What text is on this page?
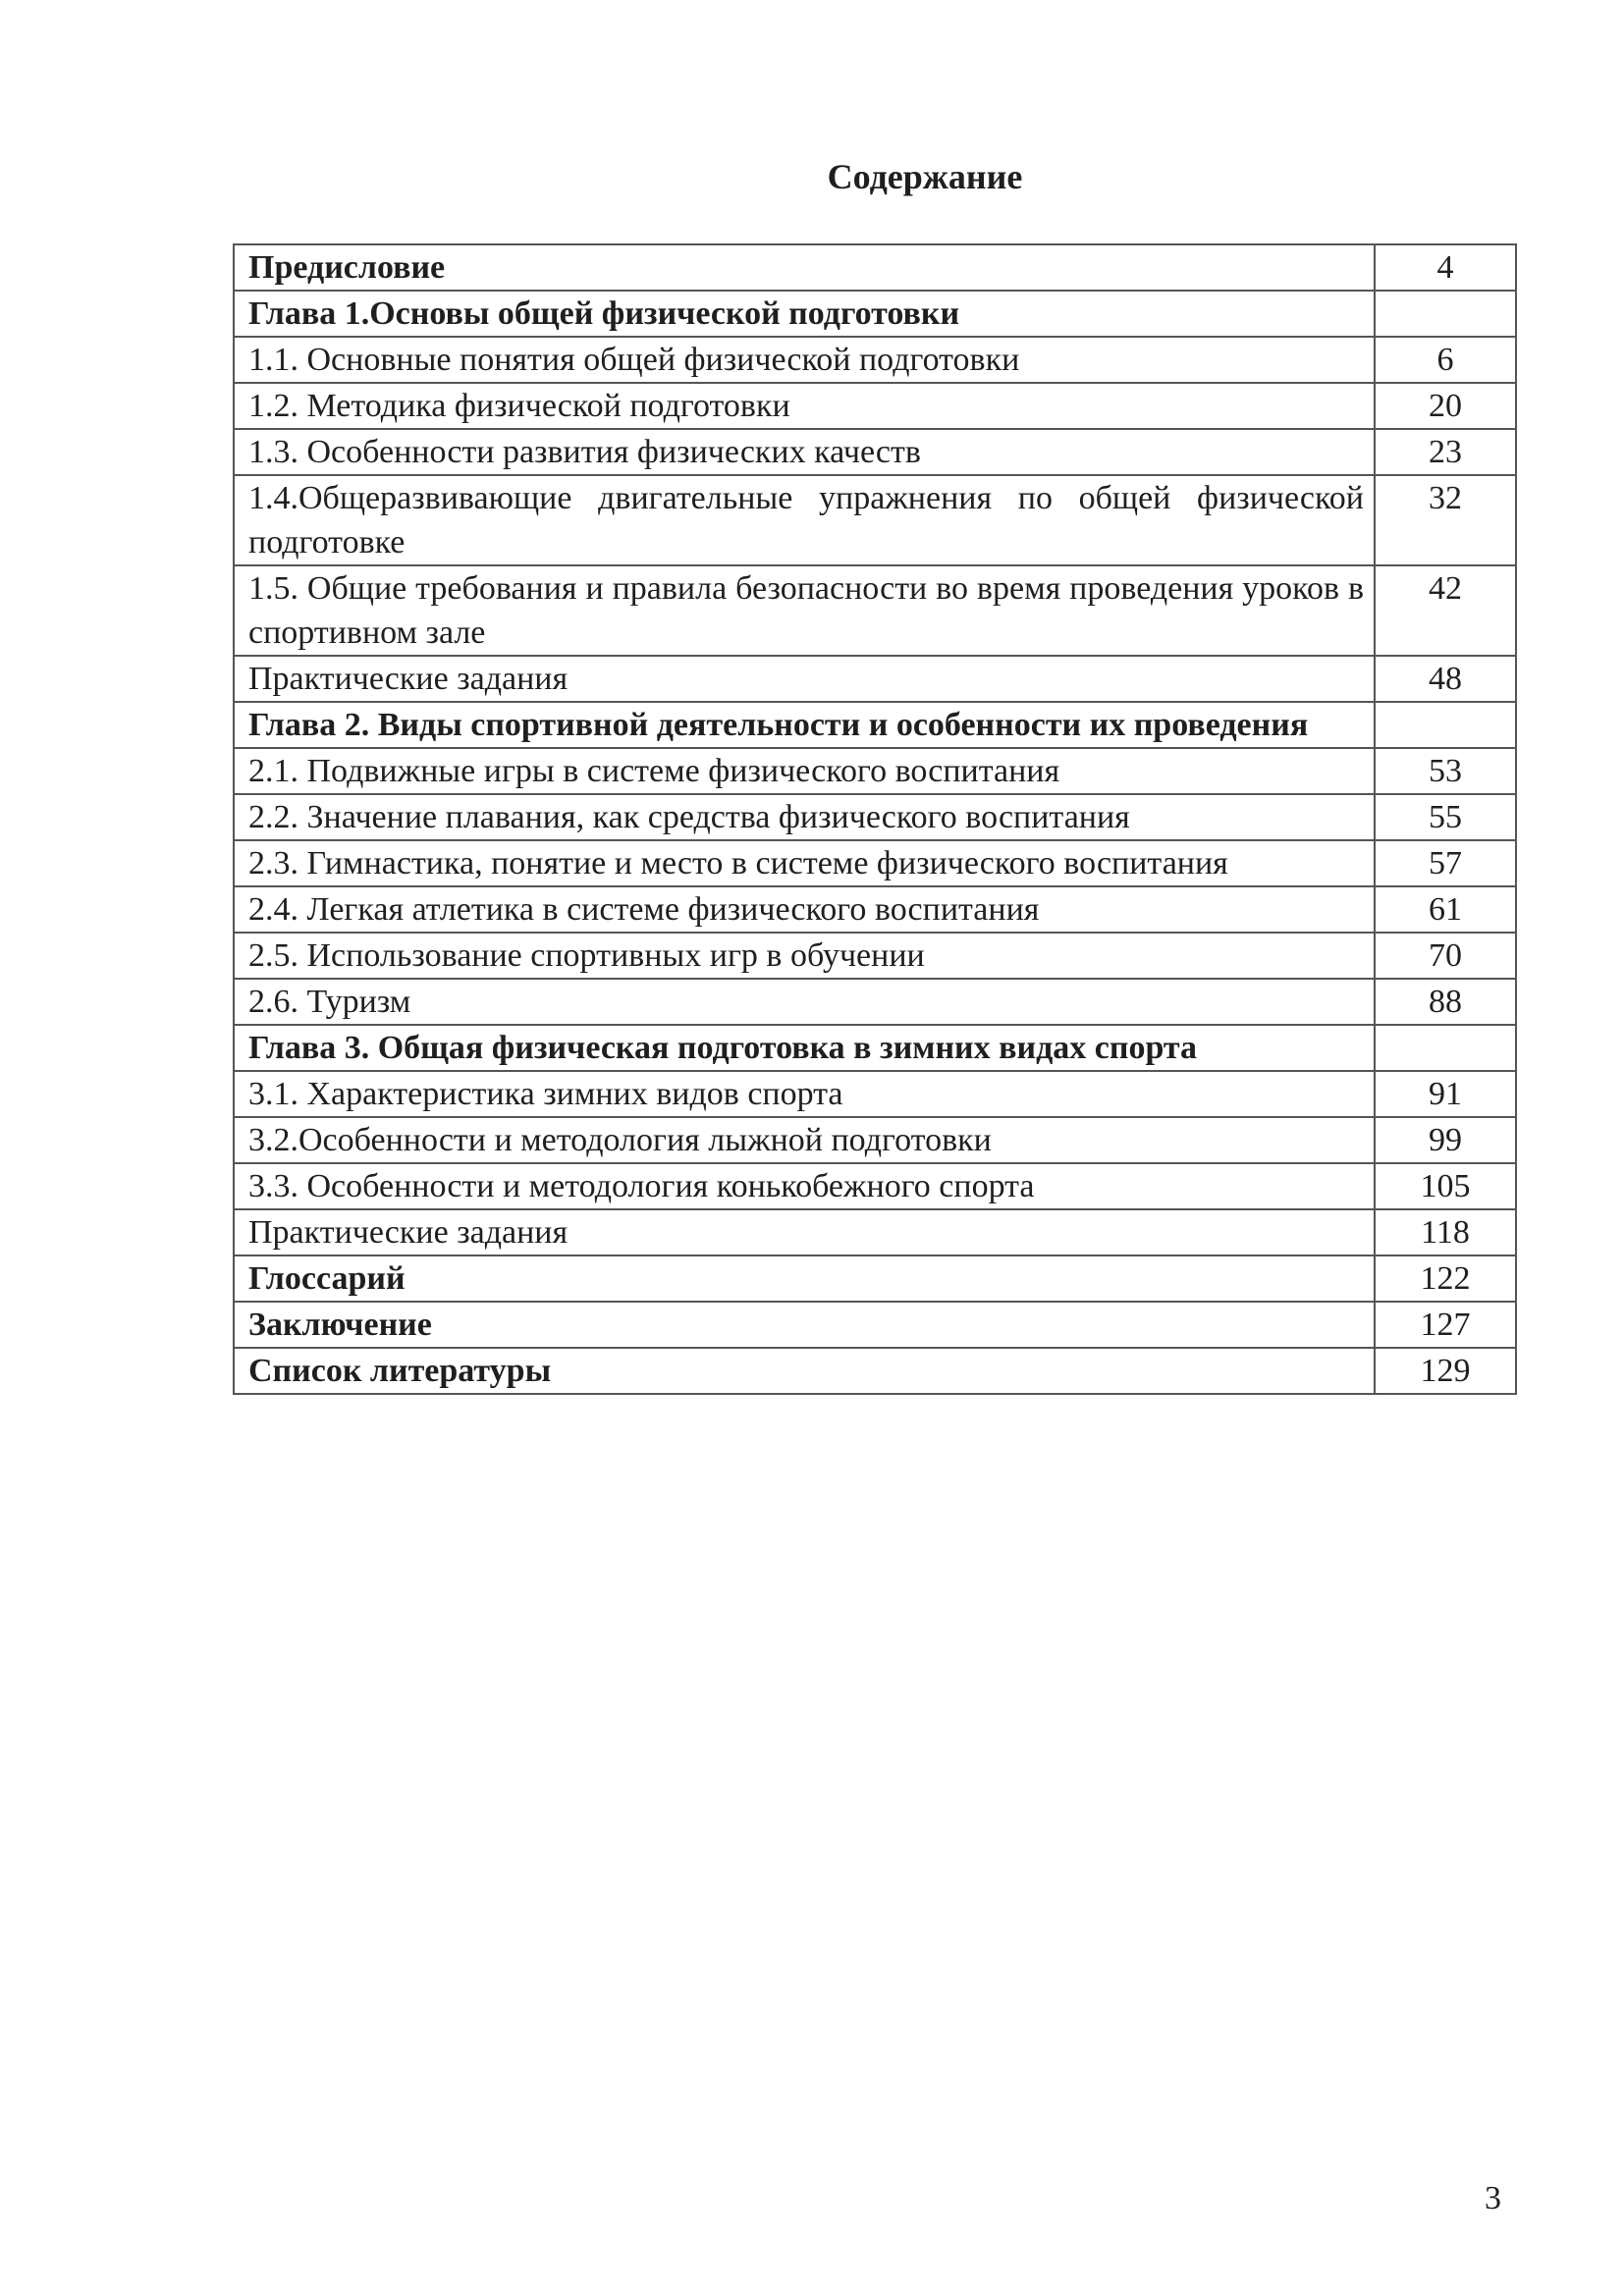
Содержание
Предисловие	4
Глава 1.Основы общей физической подготовки	
1.1. Основные понятия общей физической подготовки	6
1.2. Методика физической подготовки	20
1.3. Особенности развития физических качеств	23
1.4.Общеразвивающие двигательные упражнения по общей физической подготовке	32
1.5. Общие требования и правила безопасности во время проведения уроков в спортивном зале	42
Практические задания	48
Глава 2. Виды спортивной деятельности и особенности их проведения	
2.1. Подвижные игры в системе физического воспитания	53
2.2. Значение плавания, как средства физического воспитания	55
2.3. Гимнастика, понятие и место в системе физического воспитания	57
2.4. Легкая атлетика в системе физического воспитания	61
2.5. Использование спортивных игр в обучении	70
2.6. Туризм	88
Глава 3. Общая физическая подготовка в зимних видах спорта	
3.1. Характеристика зимних видов спорта	91
3.2.Особенности и методология лыжной подготовки	99
3.3. Особенности и методология конькобежного спорта	105
Практические задания	118
Глоссарий	122
Заключение	127
Список литературы	129
3
